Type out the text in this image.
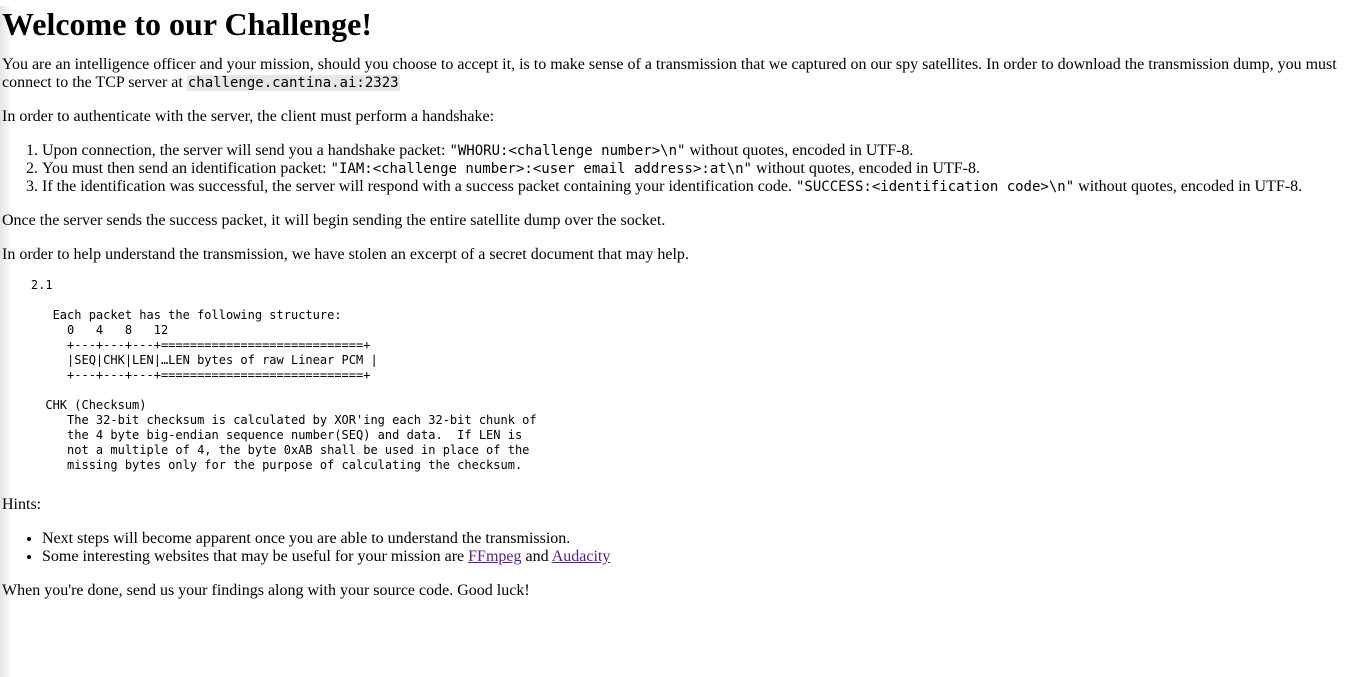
Welcome to our Challenge!

You are an intelligence officer and your mission, should you choose to accept it, is to make sense of a transmission that we captured on our spy satellites. In order to download the transmission dump, you must connect to the TCP server at challenge.cantina.ai:2323

In order to authenticate with the server, the client must perform a handshake:

1. Upon connection, the server will send you a handshake packet: "WHORU:<challenge number>\n" without quotes, encoded in UTF-8.
2. You must then send an identification packet: "IAM:<challenge number>:<user email address>:at\n" without quotes, encoded in UTF-8.
3. If the identification was successful, the server will respond with a success packet containing your identification code. "SUCCESS:<identification code>\n" without quotes, encoded in UTF-8.

Once the server sends the success packet, it will begin sending the entire satellite dump over the socket.

In order to help understand the transmission, we have stolen an excerpt of a secret document that may help.

2.1

Each packet has the following structure:
0   4   8   12
+---+---+---+============================+
|SEQ|CHK|LEN|…LEN bytes of raw Linear PCM |
+---+---+---+============================+

CHK (Checksum)
The 32-bit checksum is calculated by XOR'ing each 32-bit chunk of
the 4 byte big-endian sequence number(SEQ) and data.  If LEN is
not a multiple of 4, the byte 0xAB shall be used in place of the
missing bytes only for the purpose of calculating the checksum.

Hints:

• Next steps will become apparent once you are able to understand the transmission.
• Some interesting websites that may be useful for your mission are FFmpeg and Audacity

When you're done, send us your findings along with your source code. Good luck!
